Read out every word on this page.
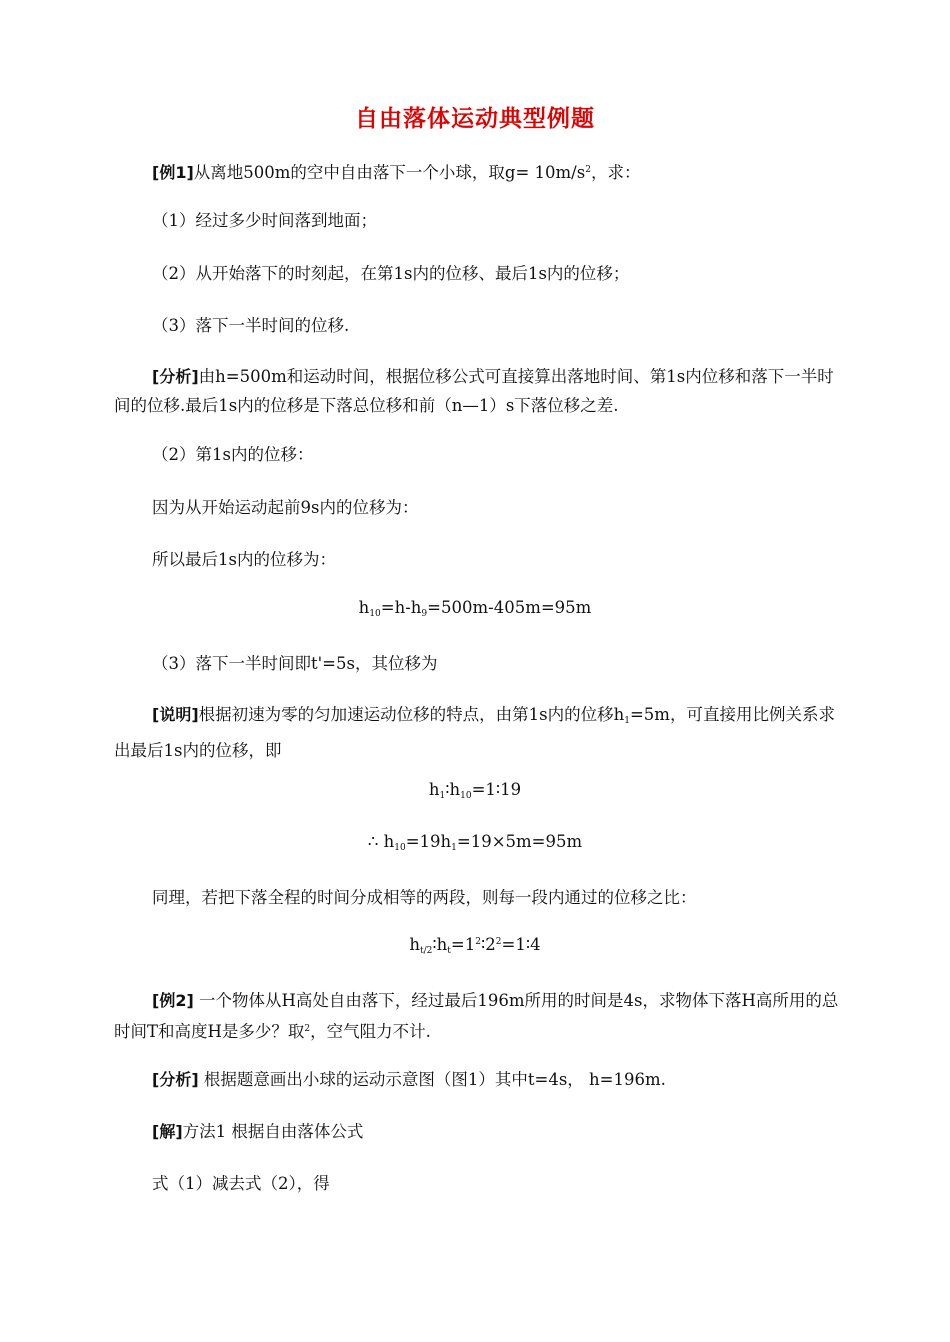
自由落体运动典型例题
[例1]从离地500m的空中自由落下一个小球，取$g= 10m/s^2$，求：
（1）经过多少时间落到地面；
（2）从开始落下的时刻起，在第1s内的位移、最后1s内的位移；
（3）落下一半时间的位移.
[分析]由h=500m和运动时间，根据位移公式可直接算出落地时间、第1s内位移和落下一半时间的位移.最后1s内的位移是下落总位移和前（n—1）s下落位移之差.
（2）第1s内的位移：
因为从开始运动起前9s内的位移为：
所以最后1s内的位移为：
$h_{10}=h-h_9=500m-405m=95m$
（3）落下一半时间即t'=5s，其位移为
[说明]根据初速为零的匀加速运动位移的特点，由第1s内的位移$h_1=5m$，可直接用比例关系求出最后1s内的位移，即
$h_1∶h_{10}=1∶19$
∴ $h_{10}=19h_1=19\times 5m=95m$
同理，若把下落全程的时间分成相等的两段，则每一段内通过的位移之比：
$h_{t/2}∶h_t=1^2∶2^2=1∶4$
[例2] 一个物体从H高处自由落下，经过最后196m所用的时间是4s，求物体下落H高所用的总时间T和高度H是多少？取$^2$，空气阻力不计.
[分析] 根据题意画出小球的运动示意图（图1）其中t=4s， h=196m.
[解]方法1 根据自由落体公式
式（1）减去式（2），得
